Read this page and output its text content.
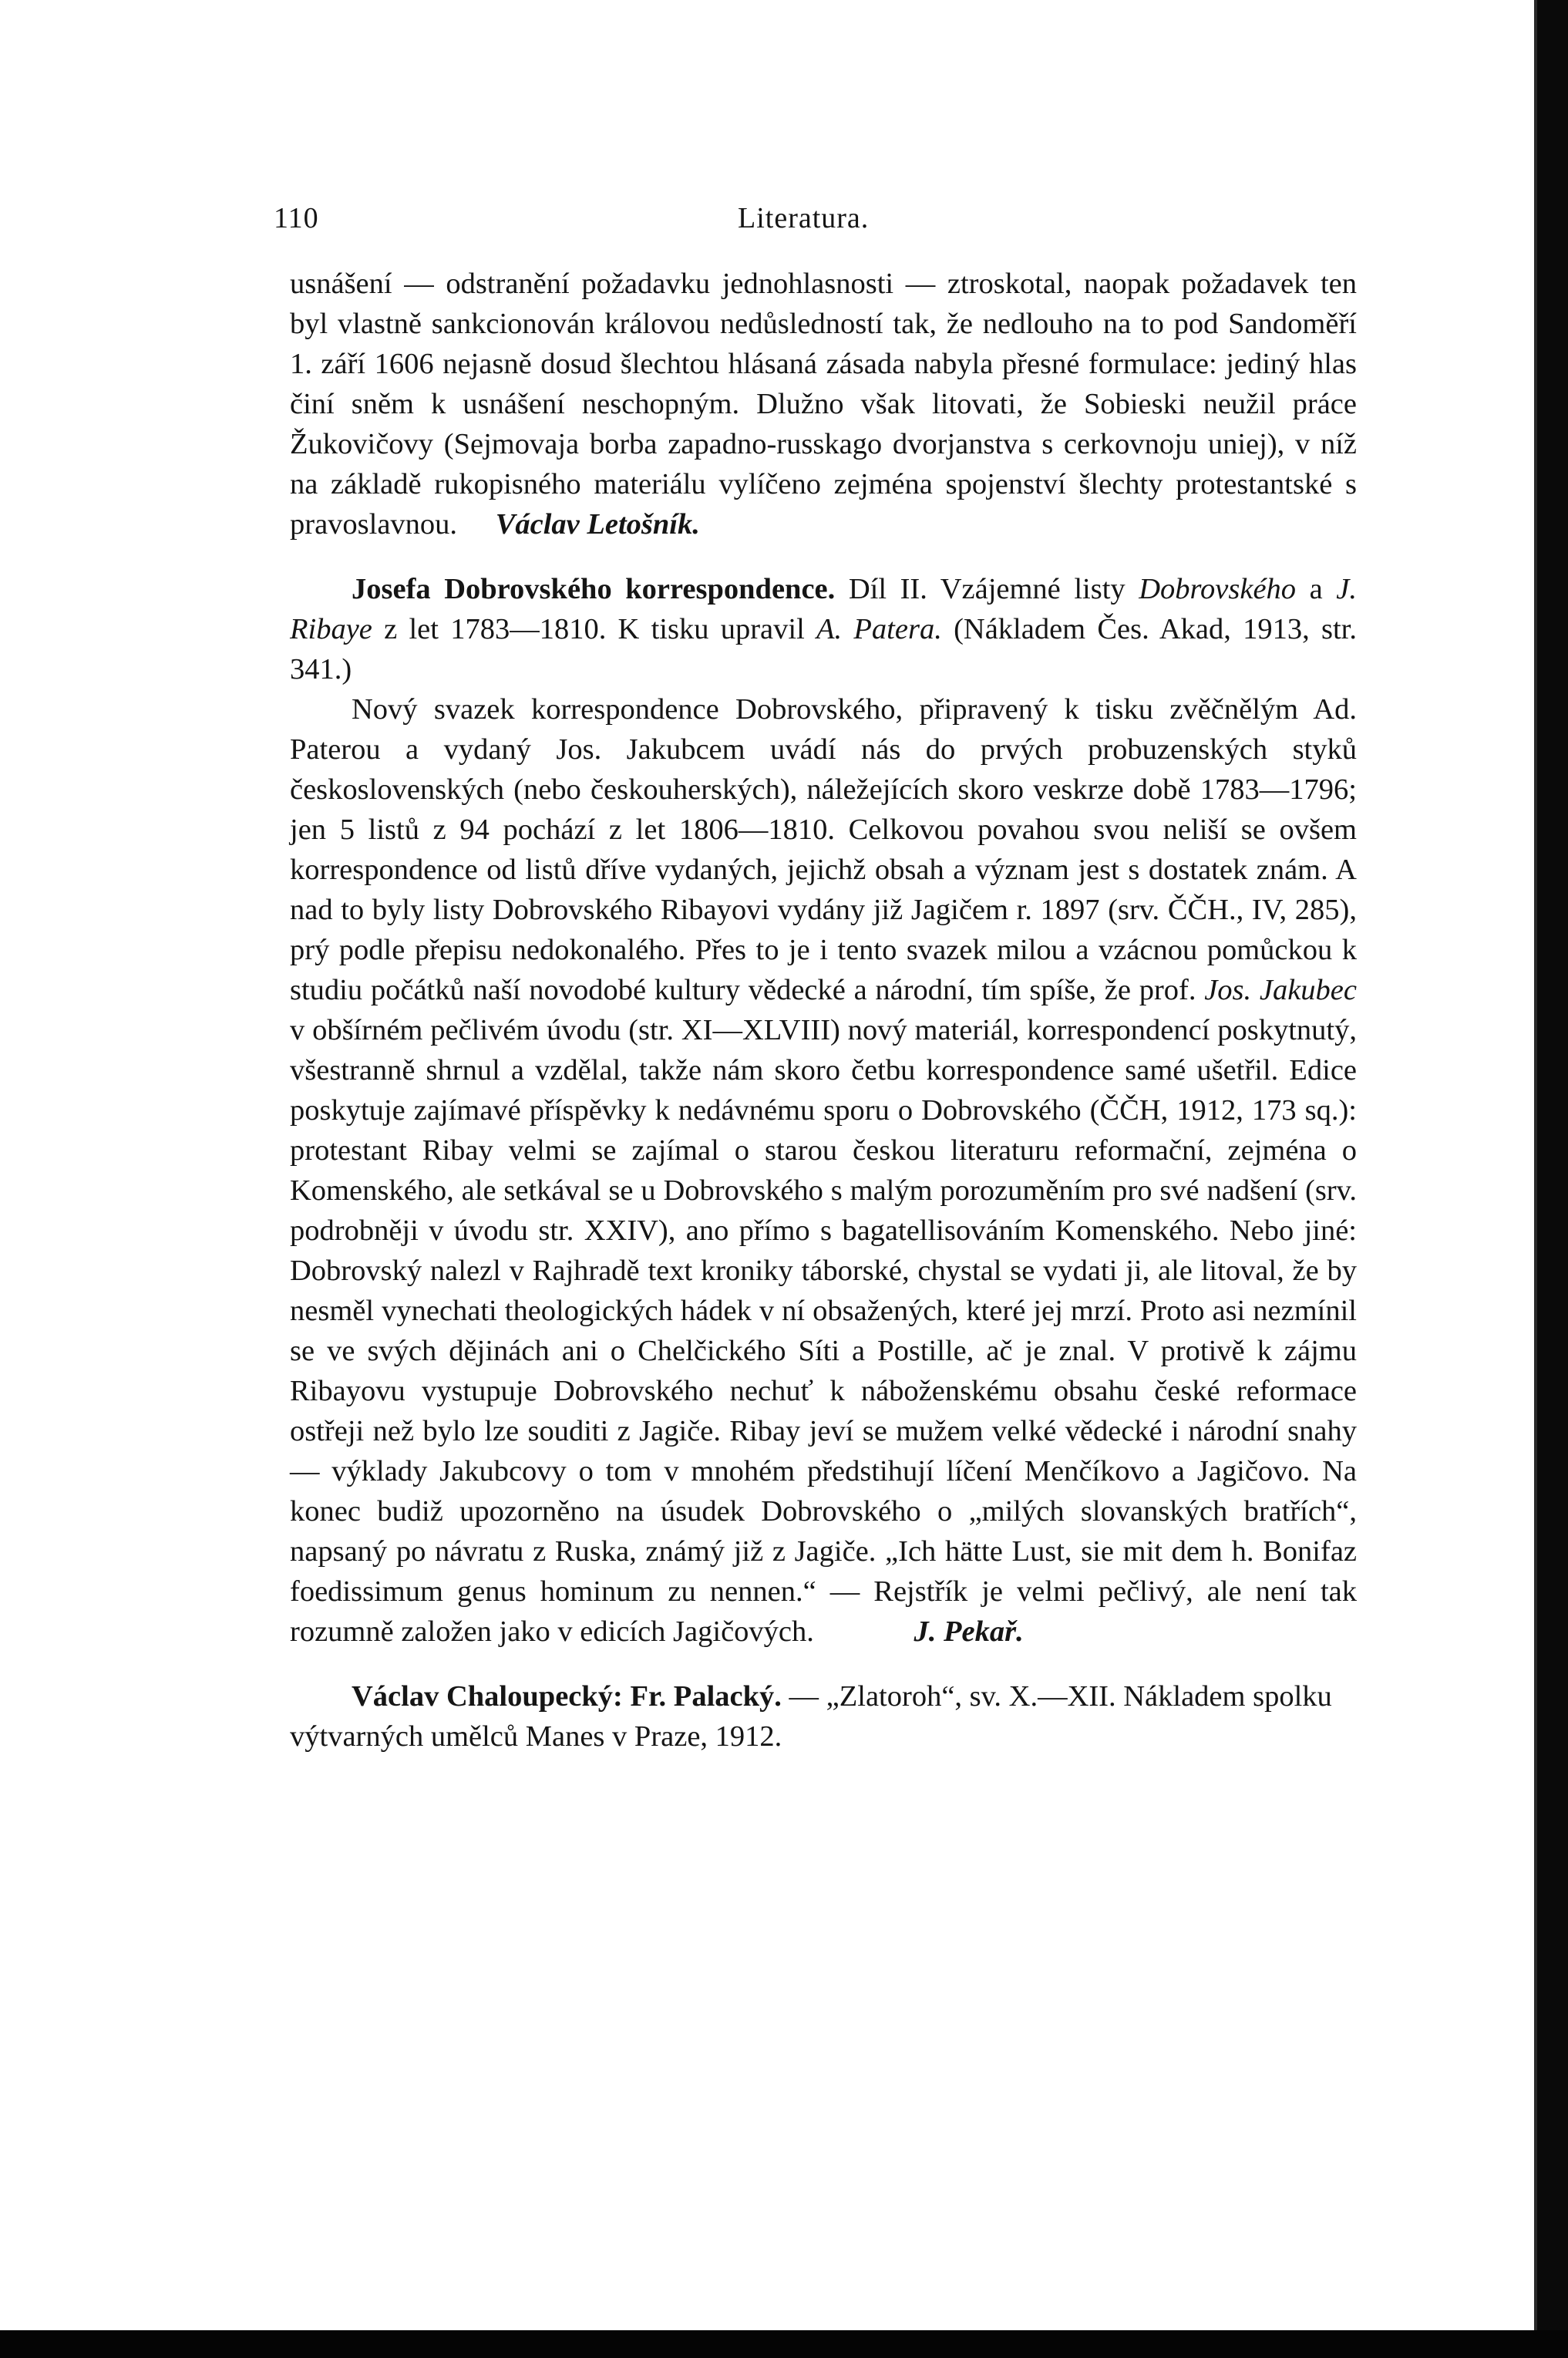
110	Literatura.

usnášení — odstranění požadavku jednohlasnosti — ztroskotal, naopak požadavek ten byl vlastně sankcionován královou nedůsledností tak, že nedlouho na to pod Sandoměří 1. září 1606 nejasně dosud šlechtou hlásaná zásada nabyla přesné formulace: jediný hlas činí sněm k usnášení neschopným. Dlužno však litovati, že Sobieski neužil práce Žukovičovy (Sejmovaja borba zapadno-russkago dvorjanstva s cerkovnoju uniej), v níž na základě rukopisného materiálu vylíčeno zejména spojenství šlechty protestantské s pravoslavnou. Václav Letošník.

Josefa Dobrovského korrespondence. Díl II. Vzájemné listy Dobrovského a J. Ribaye z let 1783—1810. K tisku upravil A. Patera. (Nákladem Čes. Akad, 1913, str. 341.)

Nový svazek korrespondence Dobrovského, připravený k tisku zvěčnělým Ad. Paterou a vydaný Jos. Jakubcem uvádí nás do prvých probuzenských styků československých (nebo českouherských), náležejících skoro veskrze době 1783—1796; jen 5 listů z 94 pochází z let 1806—1810. Celkovou povahou svou neliší se ovšem korrespondence od listů dříve vydaných, jejichž obsah a význam jest s dostatek znám. A nad to byly listy Dobrovského Ribayovi vydány již Jagičem r. 1897 (srv. ČČH., IV, 285), prý podle přepisu nedokonalého. Přes to je i tento svazek milou a vzácnou pomůckou k studiu počátků naší novodobé kultury vědecké a národní, tím spíše, že prof. Jos. Jakubec v obšírném pečlivém úvodu (str. XI—XLVIII) nový materiál, korrespondencí poskytnutý, všestranně shrnul a vzdělal, takže nám skoro četbu korrespondence samé ušetřil. Edice poskytuje zajímavé příspěvky k nedávnému sporu o Dobrovského (ČČH, 1912, 173 sq.): protestant Ribay velmi se zajímal o starou českou literaturu reformační, zejména o Komenského, ale setkával se u Dobrovského s malým porozuměním pro své nadšení (srv. podrobněji v úvodu str. XXIV), ano přímo s bagatellisováním Komenského. Nebo jiné: Dobrovský nalezl v Rajhradě text kroniky táborské, chystal se vydati ji, ale litoval, že by nesměl vynechati theologických hádek v ní obsažených, které jej mrzí. Proto asi nezmínil se ve svých dějinách ani o Chelčického Síti a Postille, ač je znal. V protivě k zájmu Ribayovu vystupuje Dobrovského nechuť k náboženskému obsahu české reformace ostřeji než bylo lze souditi z Jagiče. Ribay jeví se mužem velké vědecké i národní snahy — výklady Jakubcovy o tom v mnohém předstihují líčení Menčíkovo a Jagičovo. Na konec budiž upozorněno na úsudek Dobrovského o „milých slovanských bratřích“, napsaný po návratu z Ruska, známý již z Jagiče. „Ich hätte Lust, sie mit dem h. Bonifaz foedissimum genus hominum zu nennen.“ — Rejstřík je velmi pečlivý, ale není tak rozumně založen jako v edicích Jagičových.	J. Pekař.

Václav Chaloupecký: Fr. Palacký. — „Zlatoroh“, sv. X.—XII. Nákladem spolku výtvarných umělců Manes v Praze, 1912.
